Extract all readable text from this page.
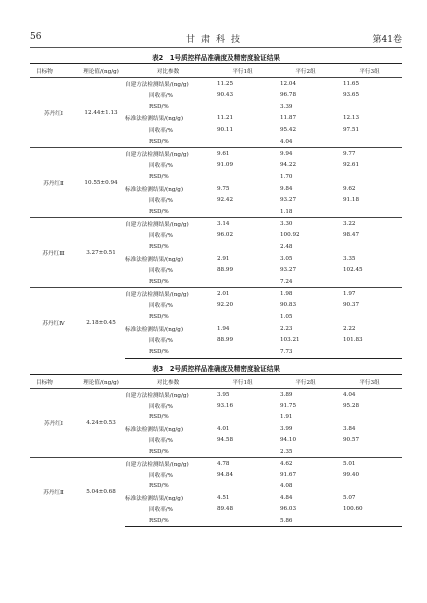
56	甘肃科技	第41卷
表2　1号质控样品准确度及精密度验证结果
目标物	理论值/(ng/g)	对比参数	平行1组	平行2组	平行3组
苏丹红Ⅰ	12.44±1.13	自建方法检测结果/(ng/g)	11.25	12.04	11.65
		回收率/%	90.43	96.78	93.65
		RSD/%		3.39	
		标准法检测结果/(ng/g)	11.21	11.87	12.13
		回收率/%	90.11	95.42	97.51
		RSD/%		4.04	
苏丹红Ⅱ	10.55±0.94	自建方法检测结果/(ng/g)	9.61	9.94	9.77
		回收率/%	91.09	94.22	92.61
		RSD/%		1.70	
		标准法检测结果/(ng/g)	9.75	9.84	9.62
		回收率/%	92.42	93.27	91.18
		RSD/%		1.18	
苏丹红Ⅲ	3.27±0.51	自建方法检测结果/(ng/g)	3.14	3.30	3.22
		回收率/%	96.02	100.92	98.47
		RSD/%		2.48	
		标准法检测结果/(ng/g)	2.91	3.05	3.35
		回收率/%	88.99	93.27	102.45
		RSD/%		7.24	
苏丹红Ⅳ	2.18±0.45	自建方法检测结果/(ng/g)	2.01	1.98	1.97
		回收率/%	92.20	90.83	90.37
		RSD/%		1.05	
		标准法检测结果/(ng/g)	1.94	2.23	2.22
		回收率/%	88.99	103.21	101.83
		RSD/%		7.73	
表3　2号质控样品准确度及精密度验证结果
目标物	理论值/(ng/g)	对比参数	平行1组	平行2组	平行3组
苏丹红Ⅰ	4.24±0.53	自建方法检测结果/(ng/g)	3.95	3.89	4.04
		回收率/%	93.16	91.75	95.28
		RSD/%		1.91	
		标准法检测结果/(ng/g)	4.01	3.99	3.84
		回收率/%	94.58	94.10	90.57
		RSD/%		2.35	
苏丹红Ⅱ	5.04±0.68	自建方法检测结果/(ng/g)	4.78	4.62	5.01
		回收率/%	94.84	91.67	99.40
		RSD/%		4.08	
		标准法检测结果/(ng/g)	4.51	4.84	5.07
		回收率/%	89.48	96.03	100.60
		RSD/%		5.86	
